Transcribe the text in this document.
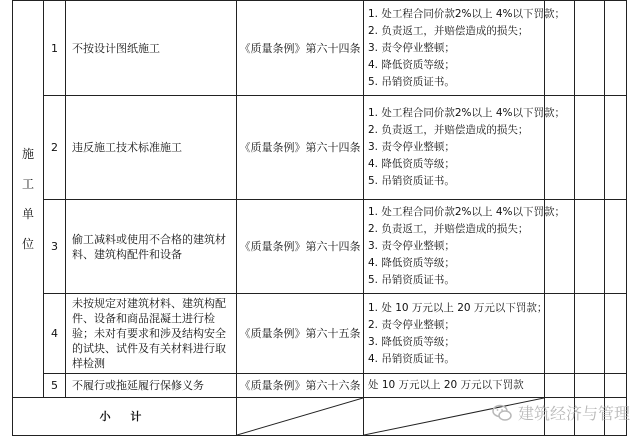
施工单位	1	不按设计图纸施工	《质量条例》第六十四条	1. 处工程合同价款2%以上 4%以下罚款；
2. 负责返工，并赔偿造成的损失；
3. 责令停业整顿；
4. 降低资质等级；
5. 吊销资质证书。			

	2	违反施工技术标准施工	《质量条例》第六十四条	1. 处工程合同价款2%以上 4%以下罚款；
2. 负责返工，并赔偿造成的损失；
3. 责令停业整顿；
4. 降低资质等级；
5. 吊销资质证书。			

	3	偷工减料或使用不合格的建筑材料、建筑构配件和设备	《质量条例》第六十四条	1. 处工程合同价款2%以上 4%以下罚款；
2. 负责返工，并赔偿造成的损失；
3. 责令停业整顿；
4. 降低资质等级；
5. 吊销资质证书。			

	4	未按规定对建筑材料、建筑构配件、设备和商品混凝土进行检验；未对有要求和涉及结构安全的试块、试件及有关材料进行取样检测	《质量条例》第六十五条	1. 处 10 万元以上 20 万元以下罚款；
2. 责令停业整顿；
3. 降低资质等级；
4. 吊销资质证书。			

	5	不履行或拖延履行保修义务	《质量条例》第六十六条	处 10 万元以上 20 万元以下罚款			

小 计	

				建筑经济与管理
